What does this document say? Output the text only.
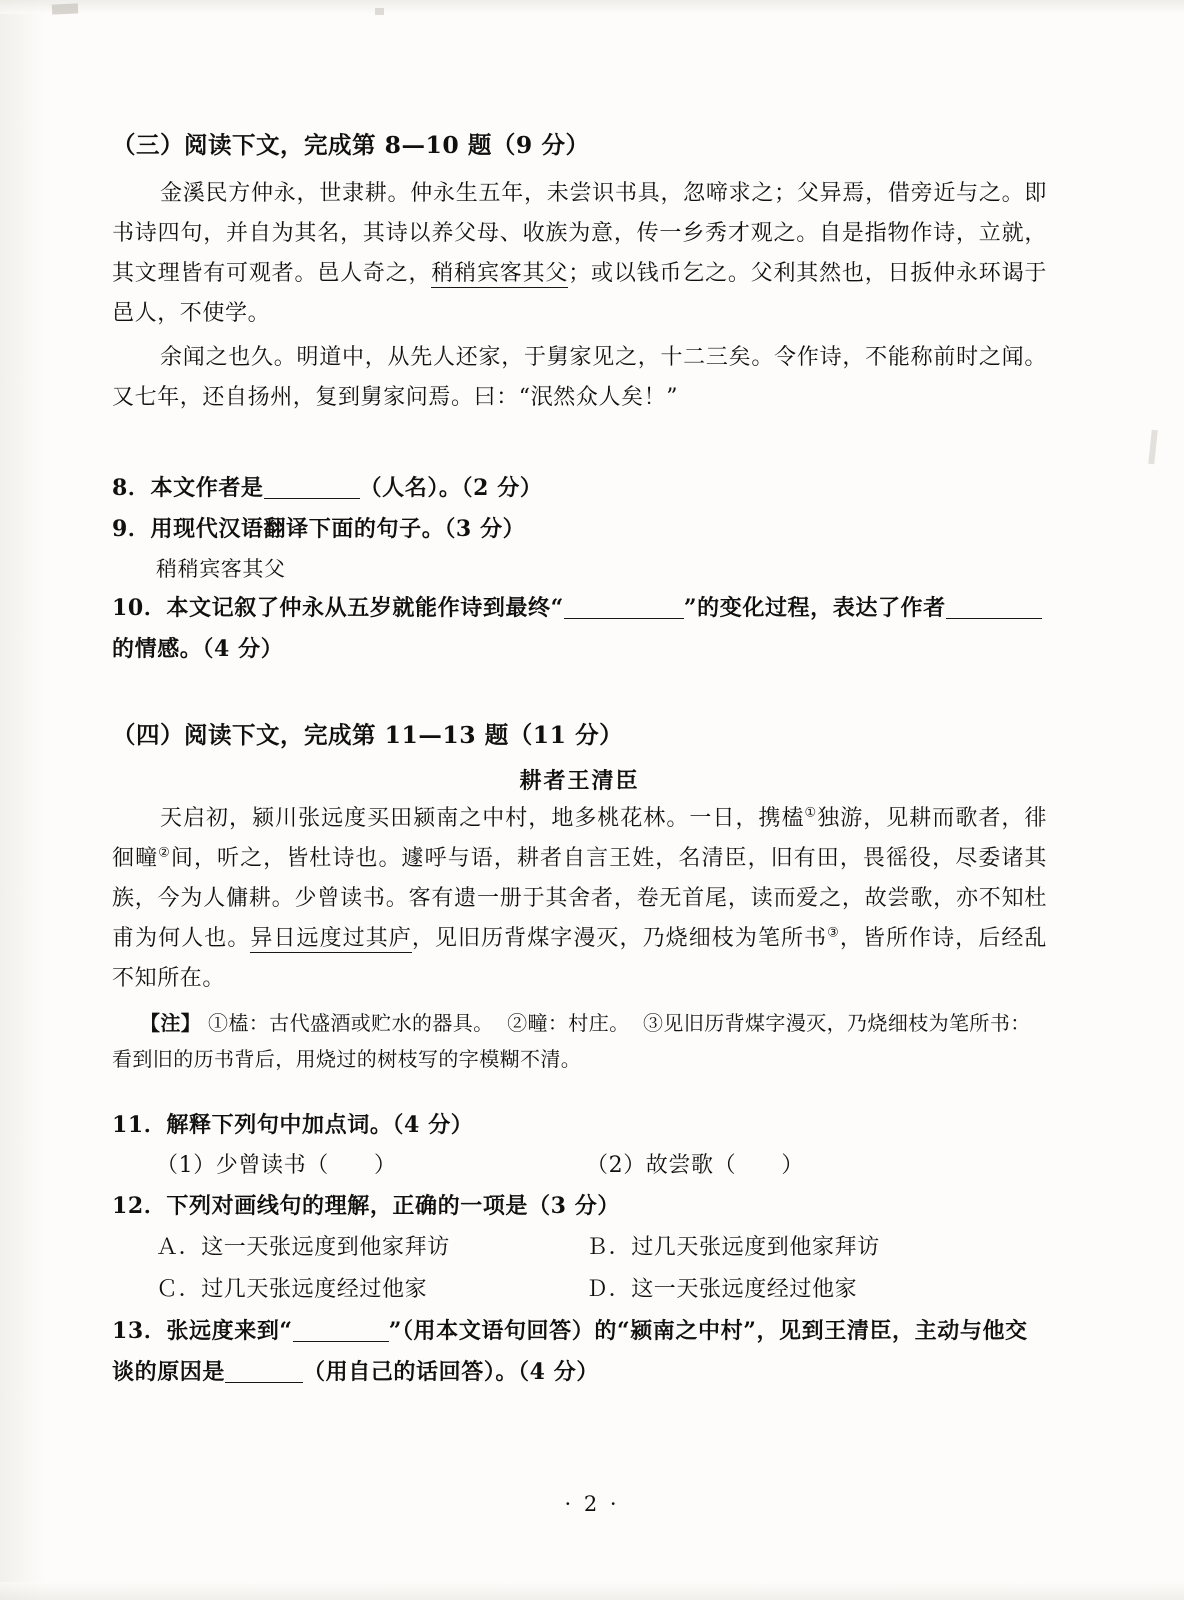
（三）阅读下文，完成第 8—10 题（9 分）

金溪民方仲永，世隶耕。仲永生五年，未尝识书具，忽啼求之；父异焉，借旁近与之。即书诗四句，并自为其名，其诗以养父母、收族为意，传一乡秀才观之。自是指物作诗，立就，其文理皆有可观者。邑人奇之，稍稍宾客其父；或以钱币乞之。父利其然也，日扳仲永环谒于邑人，不使学。

余闻之也久。明道中，从先人还家，于舅家见之，十二三矣。令作诗，不能称前时之闻。又七年，还自扬州，复到舅家问焉。曰：“泯然众人矣！”

8．本文作者是	（人名）。（2 分）

9．用现代汉语翻译下面的句子。（3 分）

稍稍宾客其父

10．本文记叙了仲永从五岁就能作诗到最终“	”的变化过程，表达了作者
的情感。（4 分）

（四）阅读下文，完成第 11—13 题（11 分）
耕者王清臣

天启初，颍川张远度买田颍南之中村，地多桃花林。一日，携榼①独游，见耕而歌者，徘徊疃②间，听之，皆杜诗也。遽呼与语，耕者自言王姓，名清臣，旧有田，畏徭役，尽委诸其族，今为人傭耕。少曾读书。客有遗一册于其舍者，卷无首尾，读而爱之，故尝歌，亦不知杜甫为何人也。异日远度过其庐，见旧历背煤字漫灭，乃烧细枝为笔所书③，皆所作诗，后经乱不知所在。

【注】 ①榼：古代盛酒或贮水的器具。 ②疃：村庄。 ③见旧历背煤字漫灭，乃烧细枝为笔所书：看到旧的历书背后，用烧过的树枝写的字模糊不清。

11．解释下列句中加点词。（4 分）

（1）少曾读书（　　）	（2）故尝歌（　　）

12．下列对画线句的理解，正确的一项是（3 分）

Ａ．这一天张远度到他家拜访	Ｂ．过几天张远度到他家拜访
Ｃ．过几天张远度经过他家	Ｄ．这一天张远度经过他家

13．张远度来到“	”（用本文语句回答）的“颍南之中村”，见到王清臣，主动与他交谈的原因是	（用自己的话回答）。（4 分）

· 2 ·
